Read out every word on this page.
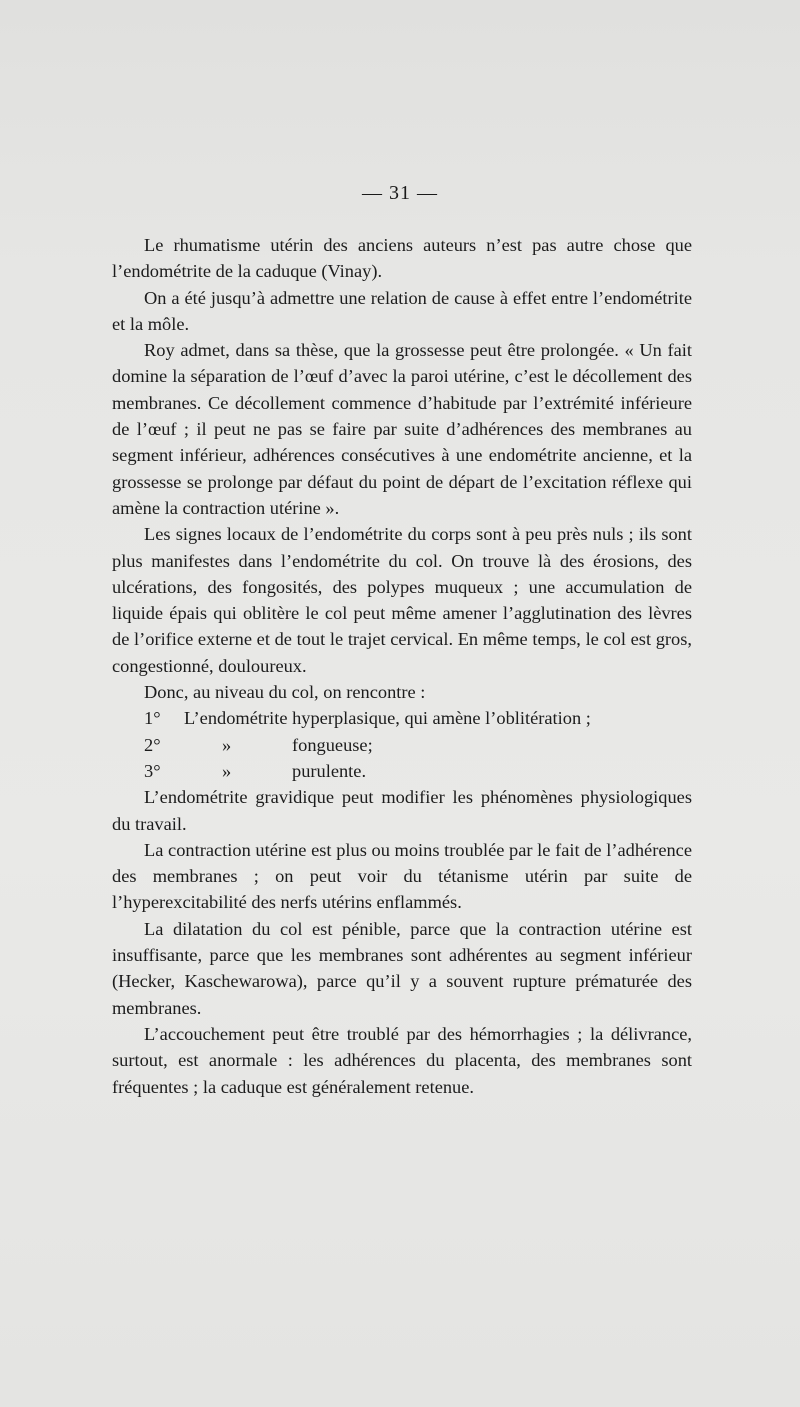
— 31 —

Le rhumatisme utérin des anciens auteurs n’est pas autre chose que l’endométrite de la caduque (Vinay).

On a été jusqu’à admettre une relation de cause à effet entre l’endométrite et la môle.

Roy admet, dans sa thèse, que la grossesse peut être prolongée. « Un fait domine la séparation de l’œuf d’avec la paroi utérine, c’est le décollement des membranes. Ce décollement commence d’habitude par l’extrémité inférieure de l’œuf ; il peut ne pas se faire par suite d’adhérences des membranes au segment inférieur, adhérences consécutives à une endométrite ancienne, et la grossesse se prolonge par défaut du point de départ de l’excitation réflexe qui amène la contraction utérine ».

Les signes locaux de l’endométrite du corps sont à peu près nuls ; ils sont plus manifestes dans l’endométrite du col. On trouve là des érosions, des ulcérations, des fongosités, des polypes muqueux ; une accumulation de liquide épais qui oblitère le col peut même amener l’agglutination des lèvres de l’orifice externe et de tout le trajet cervical. En même temps, le col est gros, congestionné, douloureux.

Donc, au niveau du col, on rencontre :

1°	L’endométrite hyperplasique, qui amène l’oblitération ;
2°	»	fongueuse;
3°	»	purulente.

L’endométrite gravidique peut modifier les phénomènes physiologiques du travail.

La contraction utérine est plus ou moins troublée par le fait de l’adhérence des membranes ; on peut voir du tétanisme utérin par suite de l’hyperexcitabilité des nerfs utérins enflammés.

La dilatation du col est pénible, parce que la contraction utérine est insuffisante, parce que les membranes sont adhérentes au segment inférieur (Hecker, Kaschewarowa), parce qu’il y a souvent rupture prématurée des membranes.

L’accouchement peut être troublé par des hémorrhagies ; la délivrance, surtout, est anormale : les adhérences du placenta, des membranes sont fréquentes ; la caduque est généralement retenue.
